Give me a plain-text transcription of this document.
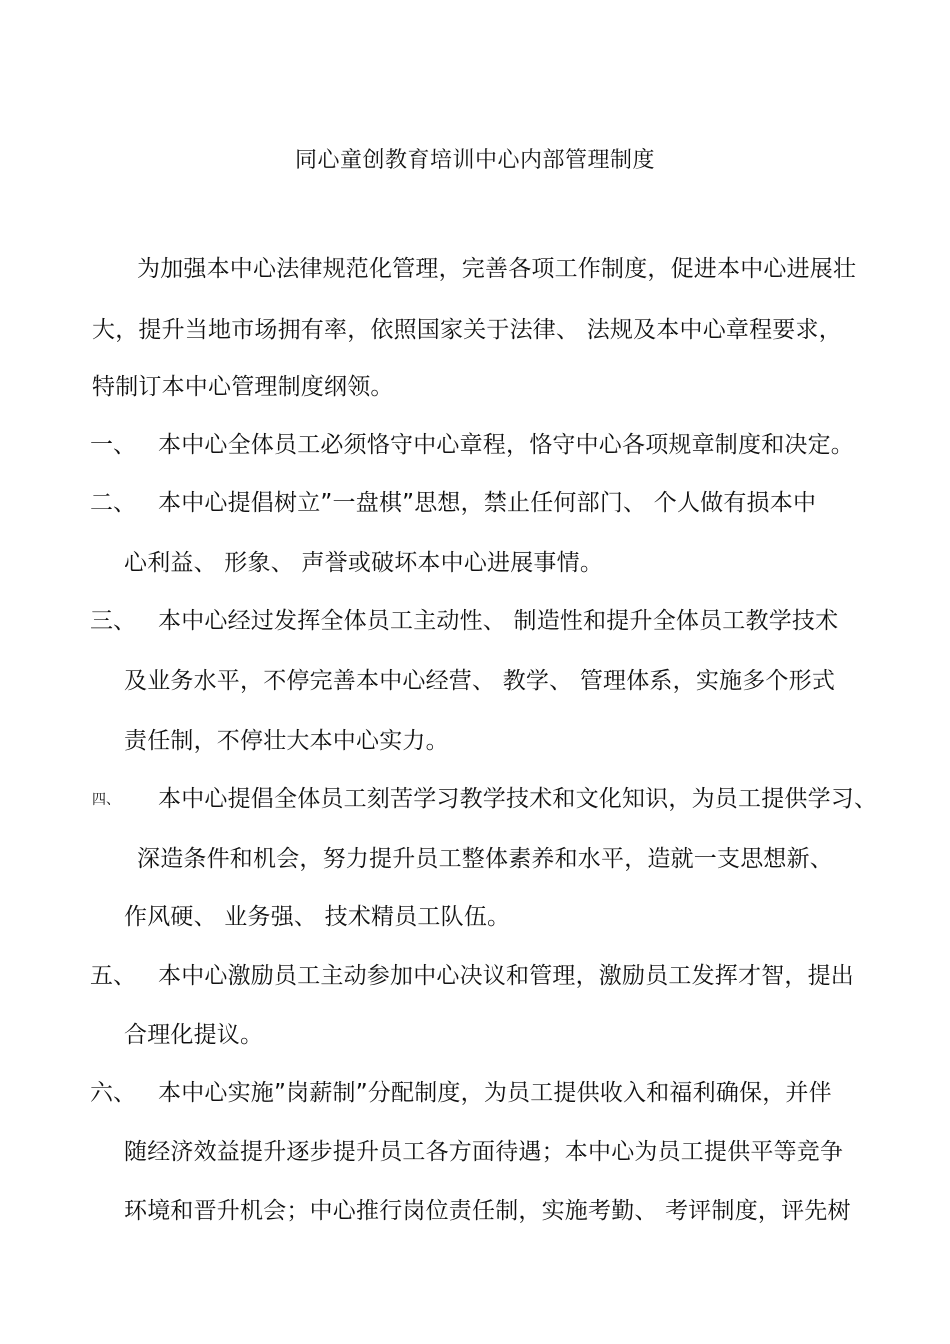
同心童创教育培训中心内部管理制度
为加强本中心法律规范化管理，完善各项工作制度，促进本中心进展壮
大，提升当地市场拥有率，依照国家关于法律、 法规及本中心章程要求，
特制订本中心管理制度纲领。
一、 本中心全体员工必须恪守中心章程，恪守中心各项规章制度和决定。
二、 本中心提倡树立”一盘棋”思想，禁止任何部门、 个人做有损本中
心利益、 形象、 声誉或破坏本中心进展事情。
三、 本中心经过发挥全体员工主动性、 制造性和提升全体员工教学技术
及业务水平，不停完善本中心经营、 教学、 管理体系，实施多个形式
责任制，不停壮大本中心实力。
四、 本中心提倡全体员工刻苦学习教学技术和文化知识，为员工提供学习、
深造条件和机会，努力提升员工整体素养和水平，造就一支思想新、
作风硬、 业务强、 技术精员工队伍。
五、 本中心激励员工主动参加中心决议和管理，激励员工发挥才智，提出
合理化提议。
六、 本中心实施”岗薪制”分配制度，为员工提供收入和福利确保，并伴
随经济效益提升逐步提升员工各方面待遇；本中心为员工提供平等竞争
环境和晋升机会；中心推行岗位责任制，实施考勤、 考评制度，评先树
